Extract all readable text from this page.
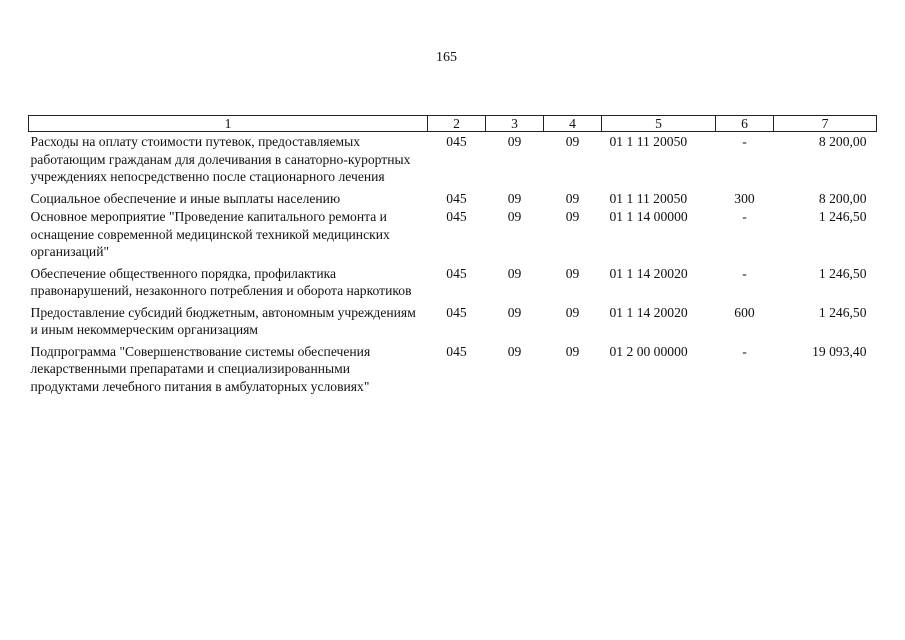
165
1	2	3	4	5	6	7
Расходы на оплату стоимости путевок, предоставляемых работающим гражданам для долечивания в санаторно-курортных учреждениях непосредственно после стационарного лечения	045	09	09	01 1 11 20050	-	8 200,00
Социальное обеспечение и иные выплаты населению	045	09	09	01 1 11 20050	300	8 200,00
Основное мероприятие "Проведение капитального ремонта и оснащение современной медицинской техникой медицинских организаций"	045	09	09	01 1 14 00000	-	1 246,50
Обеспечение общественного порядка, профилактика правонарушений, незаконного потребления и оборота наркотиков	045	09	09	01 1 14 20020	-	1 246,50
Предоставление субсидий бюджетным, автономным учреждениям и иным некоммерческим организациям	045	09	09	01 1 14 20020	600	1 246,50
Подпрограмма "Совершенствование системы обеспечения лекарственными препаратами и специализированными продуктами лечебного питания в амбулаторных условиях"	045	09	09	01 2 00 00000	-	19 093,40
